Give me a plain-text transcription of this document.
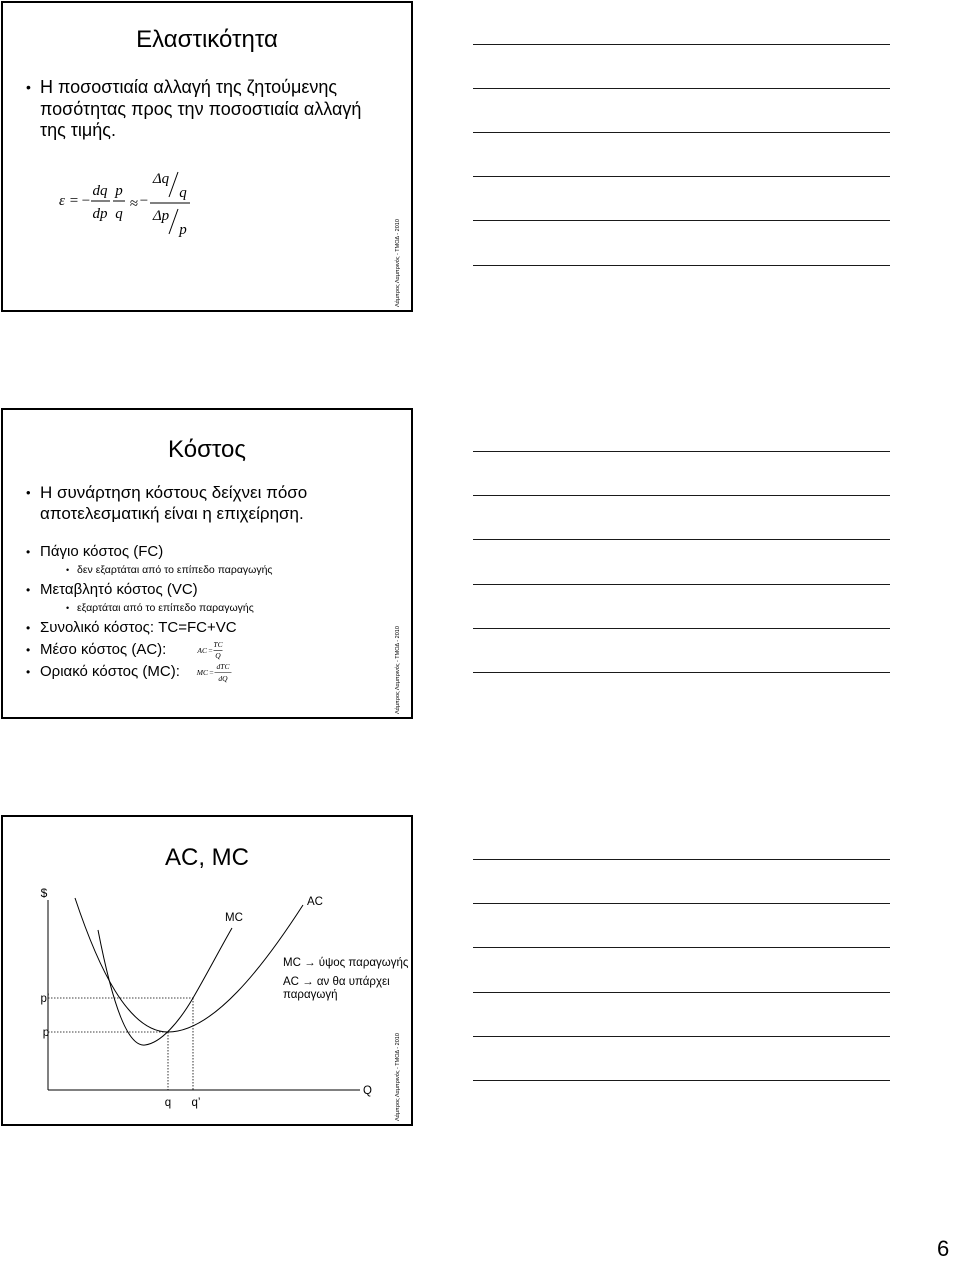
Ελαστικότητα
•
Η ποσοστιαία αλλαγή της ζητούμενης ποσότητας προς την ποσοστιαία αλλαγή της τιμής.
ε = −
dq
dp
p
q
≈ −
Δq
q
Δp
p	Λάμπρος Λαμπρινός - ΤΜΟΔ - 2010
Κόστος
•
Η συνάρτηση κόστους δείχνει πόσο αποτελεσματική είναι η επιχείρηση.
•
Πάγιο κόστος (FC)
•
δεν εξαρτάται από το επίπεδο παραγωγής
•
Μεταβλητό κόστος (VC)
•
εξαρτάται από το επίπεδο παραγωγής
•
Συνολικό κόστος: TC=FC+VC
•
Μέσο κόστος (AC):
•
Οριακό κόστος (MC):
AC =
TC
Q
MC =
dTC
dQ	Λάμπρος Λαμπρινός - ΤΜΟΔ - 2010
AC, MC
$
Q
MC
AC
p’
p
q q’
MC → ύψος παραγωγής
AC → αν θα υπάρχει παραγωγή
Λάμπρος Λαμπρινός - ΤΜΟΔ - 2010
6
